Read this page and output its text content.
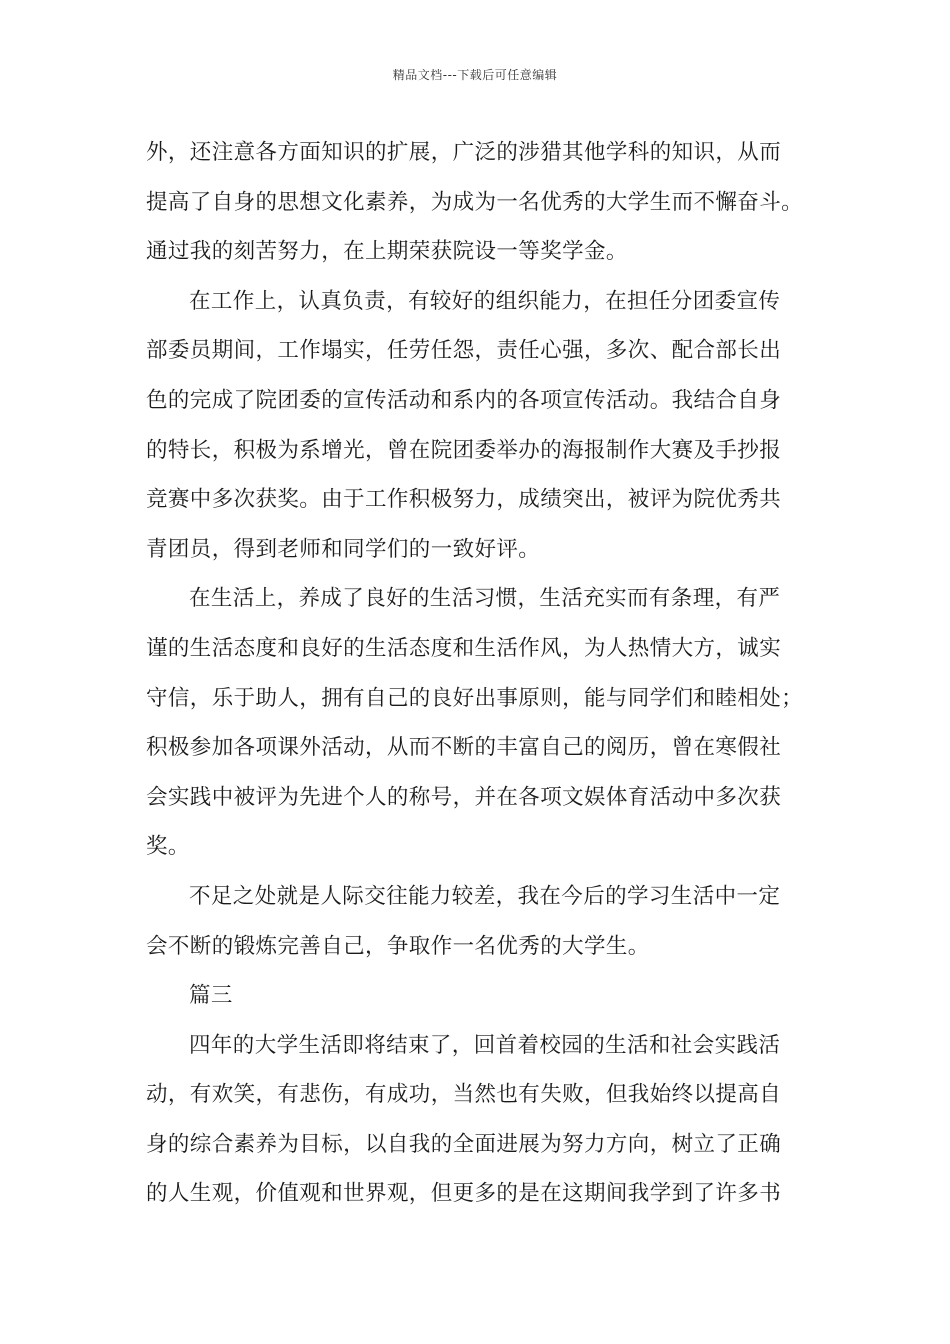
精品文档---下载后可任意编辑
外，还注意各方面知识的扩展，广泛的涉猎其他学科的知识，从而
提高了自身的思想文化素养，为成为一名优秀的大学生而不懈奋斗。
通过我的刻苦努力，在上期荣获院设一等奖学金。
在工作上，认真负责，有较好的组织能力，在担任分团委宣传
部委员期间，工作塌实，任劳任怨，责任心强，多次、配合部长出
色的完成了院团委的宣传活动和系内的各项宣传活动。我结合自身
的特长，积极为系增光，曾在院团委举办的海报制作大赛及手抄报
竞赛中多次获奖。由于工作积极努力，成绩突出，被评为院优秀共
青团员，得到老师和同学们的一致好评。
在生活上，养成了良好的生活习惯，生活充实而有条理，有严
谨的生活态度和良好的生活态度和生活作风，为人热情大方，诚实
守信，乐于助人，拥有自己的良好出事原则，能与同学们和睦相处；
积极参加各项课外活动，从而不断的丰富自己的阅历，曾在寒假社
会实践中被评为先进个人的称号，并在各项文娱体育活动中多次获
奖。
不足之处就是人际交往能力较差，我在今后的学习生活中一定
会不断的锻炼完善自己，争取作一名优秀的大学生。
篇三
四年的大学生活即将结束了，回首着校园的生活和社会实践活
动，有欢笑，有悲伤，有成功，当然也有失败，但我始终以提高自
身的综合素养为目标，以自我的全面进展为努力方向，树立了正确
的人生观，价值观和世界观，但更多的是在这期间我学到了许多书
